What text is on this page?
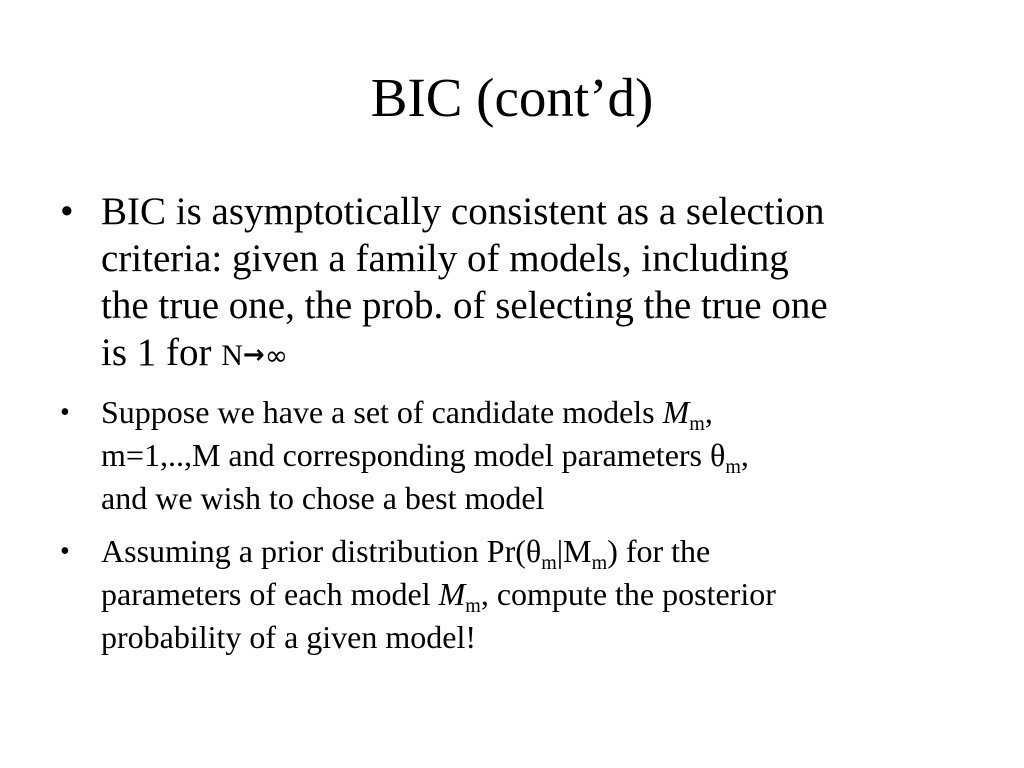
BIC (cont’d)
• BIC is asymptotically consistent as a selection
criteria: given a family of models, including
the true one, the prob. of selecting the true one
is 1 for N→∞
• Suppose we have a set of candidate models $M_m$,
m=1,..,M and corresponding model parameters $\theta_m$,
and we wish to chose a best model
• Assuming a prior distribution $Pr(\theta_m|M_m)$ for the
parameters of each model $M_m$, compute the posterior
probability of a given model!
